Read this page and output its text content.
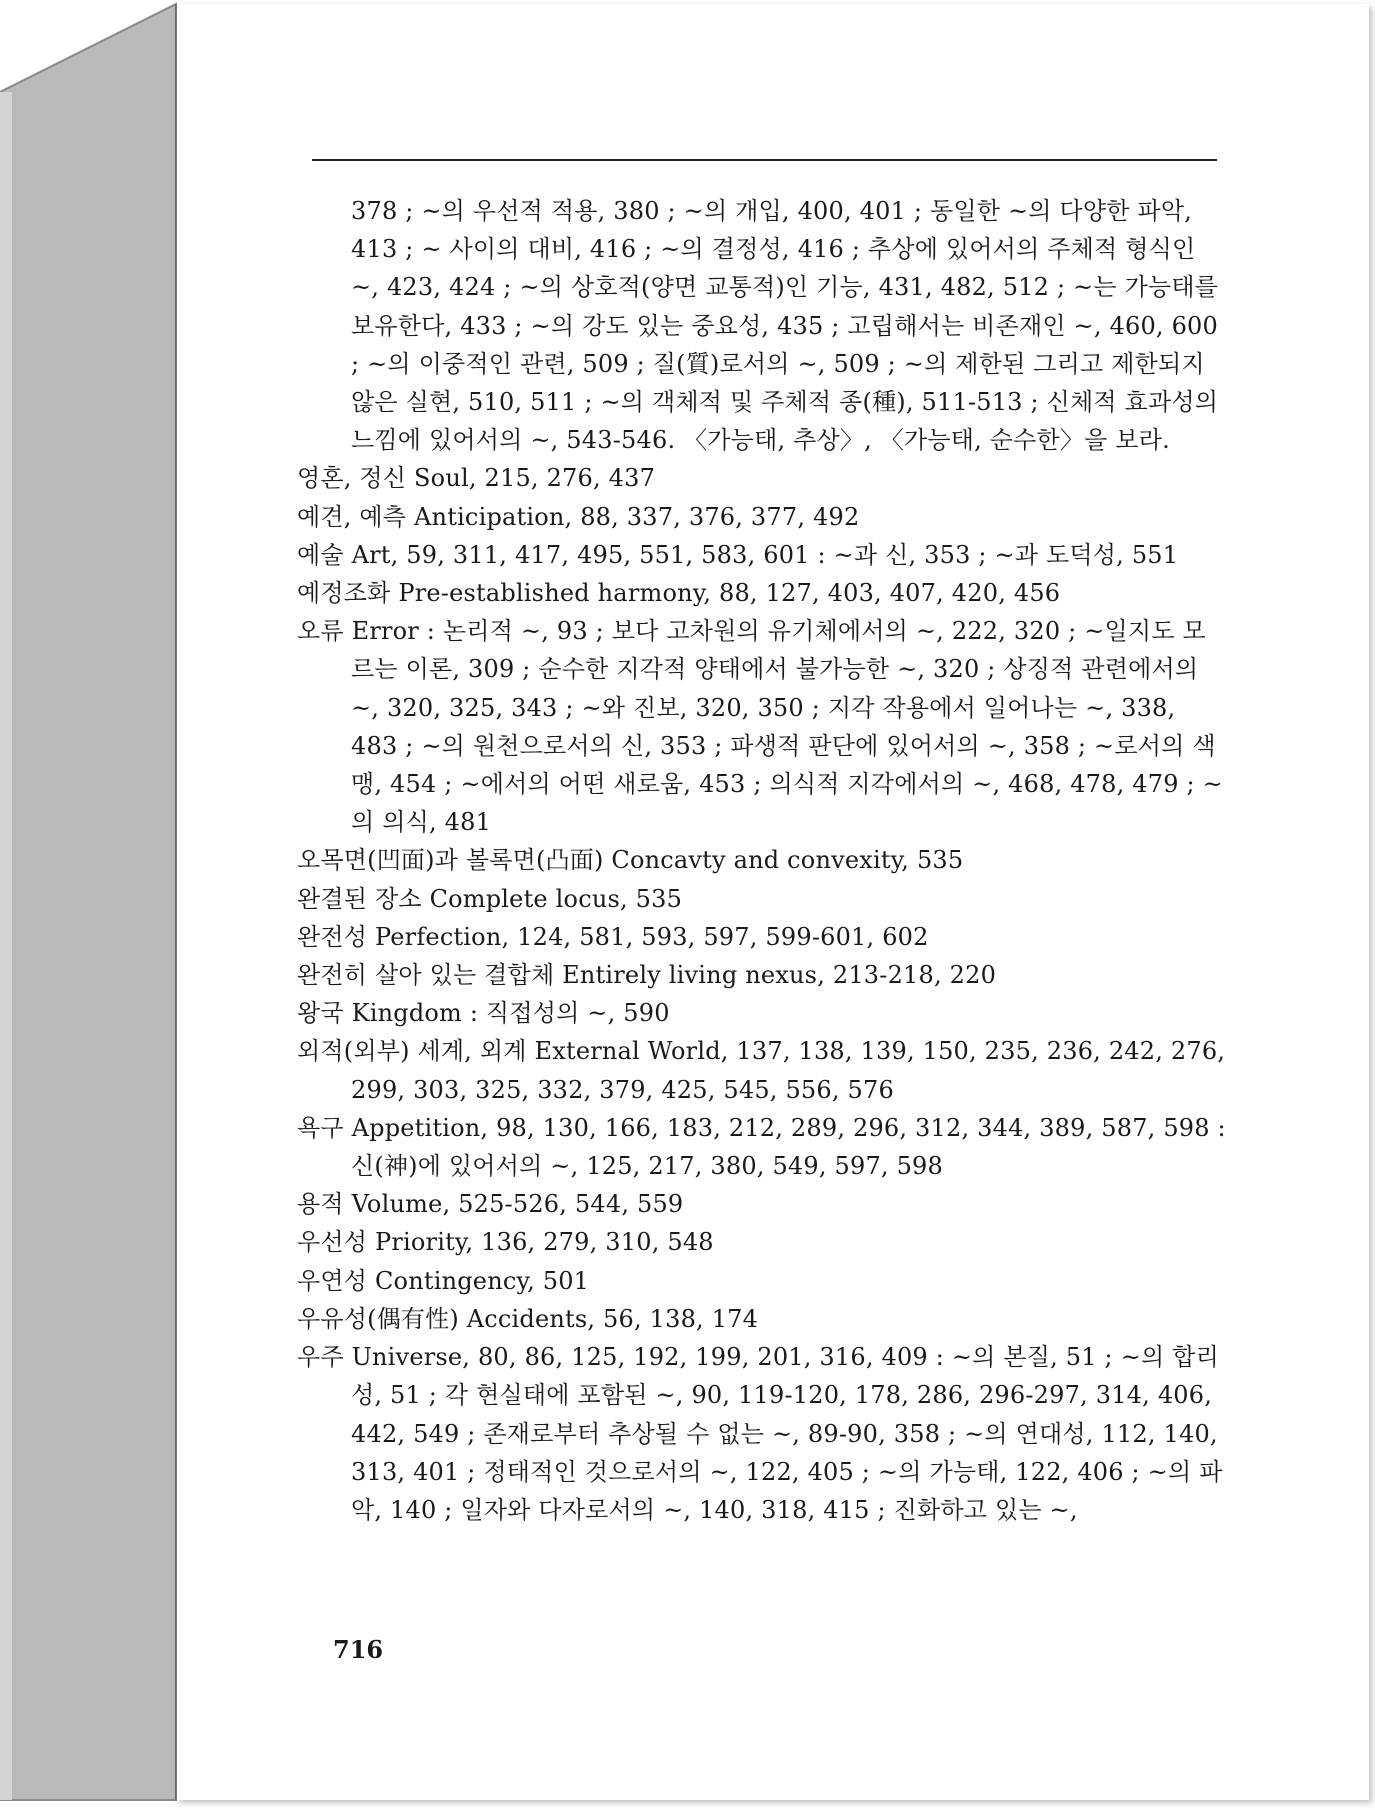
378 ; ~의 우선적 적용, 380 ; ~의 개입, 400, 401 ; 동일한 ~의 다양한 파악, 413 ; ~ 사이의 대비, 416 ; ~의 결정성, 416 ; 추상에 있어서의 주체적 형식인 ~, 423, 424 ; ~의 상호적(양면 교통적)인 기능, 431, 482, 512 ; ~는 가능태를 보유한다, 433 ; ~의 강도 있는 중요성, 435 ; 고립해서는 비존재인 ~, 460, 600 ; ~의 이중적인 관련, 509 ; 질(質)로서의 ~, 509 ; ~의 제한된 그리고 제한되지 않은 실현, 510, 511 ; ~의 객체적 및 주체적 종(種), 511-513 ; 신체적 효과성의 느낌에 있어서의 ~, 543-546. 〈가능태, 추상〉, 〈가능태, 순수한〉을 보라.

영혼, 정신 Soul, 215, 276, 437

예견, 예측 Anticipation, 88, 337, 376, 377, 492

예술 Art, 59, 311, 417, 495, 551, 583, 601 : ~과 신, 353 ; ~과 도덕성, 551

예정조화 Pre-established harmony, 88, 127, 403, 407, 420, 456

오류 Error : 논리적 ~, 93 ; 보다 고차원의 유기체에서의 ~, 222, 320 ; ~일지도 모르는 이론, 309 ; 순수한 지각적 양태에서 불가능한 ~, 320 ; 상징적 관련에서의 ~, 320, 325, 343 ; ~와 진보, 320, 350 ; 지각 작용에서 일어나는 ~, 338, 483 ; ~의 원천으로서의 신, 353 ; 파생적 판단에 있어서의 ~, 358 ; ~로서의 색맹, 454 ; ~에서의 어떤 새로움, 453 ; 의식적 지각에서의 ~, 468, 478, 479 ; ~의 의식, 481

오목면(凹面)과 볼록면(凸面) Concavty and convexity, 535

완결된 장소 Complete locus, 535

완전성 Perfection, 124, 581, 593, 597, 599-601, 602

완전히 살아 있는 결합체 Entirely living nexus, 213-218, 220

왕국 Kingdom : 직접성의 ~, 590

외적(외부) 세계, 외계 External World, 137, 138, 139, 150, 235, 236, 242, 276, 299, 303, 325, 332, 379, 425, 545, 556, 576

욕구 Appetition, 98, 130, 166, 183, 212, 289, 296, 312, 344, 389, 587, 598 : 신(神)에 있어서의 ~, 125, 217, 380, 549, 597, 598

용적 Volume, 525-526, 544, 559

우선성 Priority, 136, 279, 310, 548

우연성 Contingency, 501

우유성(偶有性) Accidents, 56, 138, 174

우주 Universe, 80, 86, 125, 192, 199, 201, 316, 409 : ~의 본질, 51 ; ~의 합리성, 51 ; 각 현실태에 포함된 ~, 90, 119-120, 178, 286, 296-297, 314, 406, 442, 549 ; 존재로부터 추상될 수 없는 ~, 89-90, 358 ; ~의 연대성, 112, 140, 313, 401 ; 정태적인 것으로서의 ~, 122, 405 ; ~의 가능태, 122, 406 ; ~의 파악, 140 ; 일자와 다자로서의 ~, 140, 318, 415 ; 진화하고 있는 ~,

716
